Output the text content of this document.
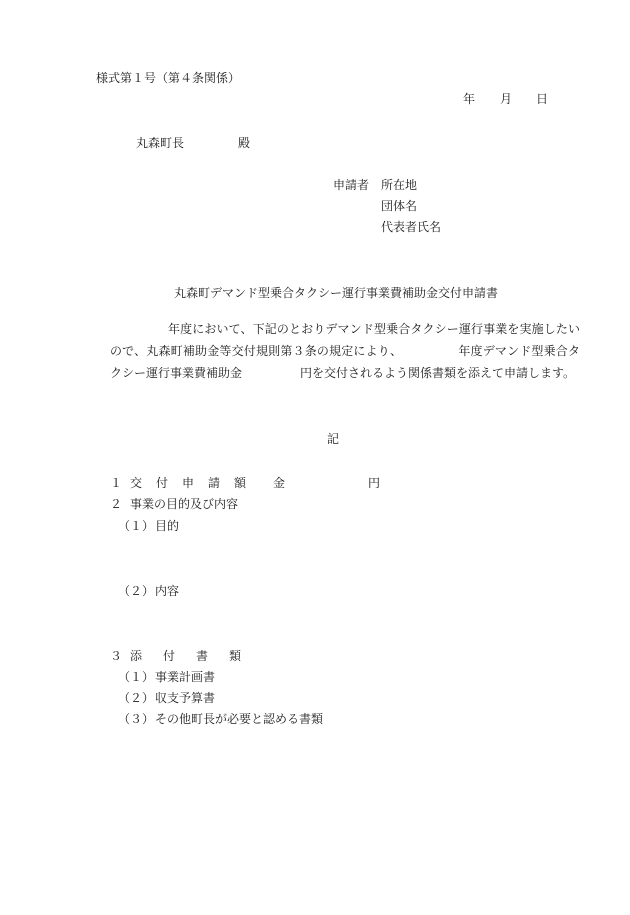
様式第１号（第４条関係）
年 月 日
丸森町長	殿
申請者 所在地
団体名
代表者氏名
丸森町デマンド型乗合タクシー運行事業費補助金交付申請書
年度において、下記のとおりデマンド型乗合タクシー運行事業を実施したいので、丸森町補助金等交付規則第３条の規定により、	年度デマンド型乗合タクシー運行事業費補助金	円を交付されるよう関係書類を添えて申請します。
記
１ 交付申請額 金	円
２ 事業の目的及び内容
（１） 目的
（２） 内容
３ 添付書類
（１） 事業計画書
（２） 収支予算書
（３） その他町長が必要と認める書類
